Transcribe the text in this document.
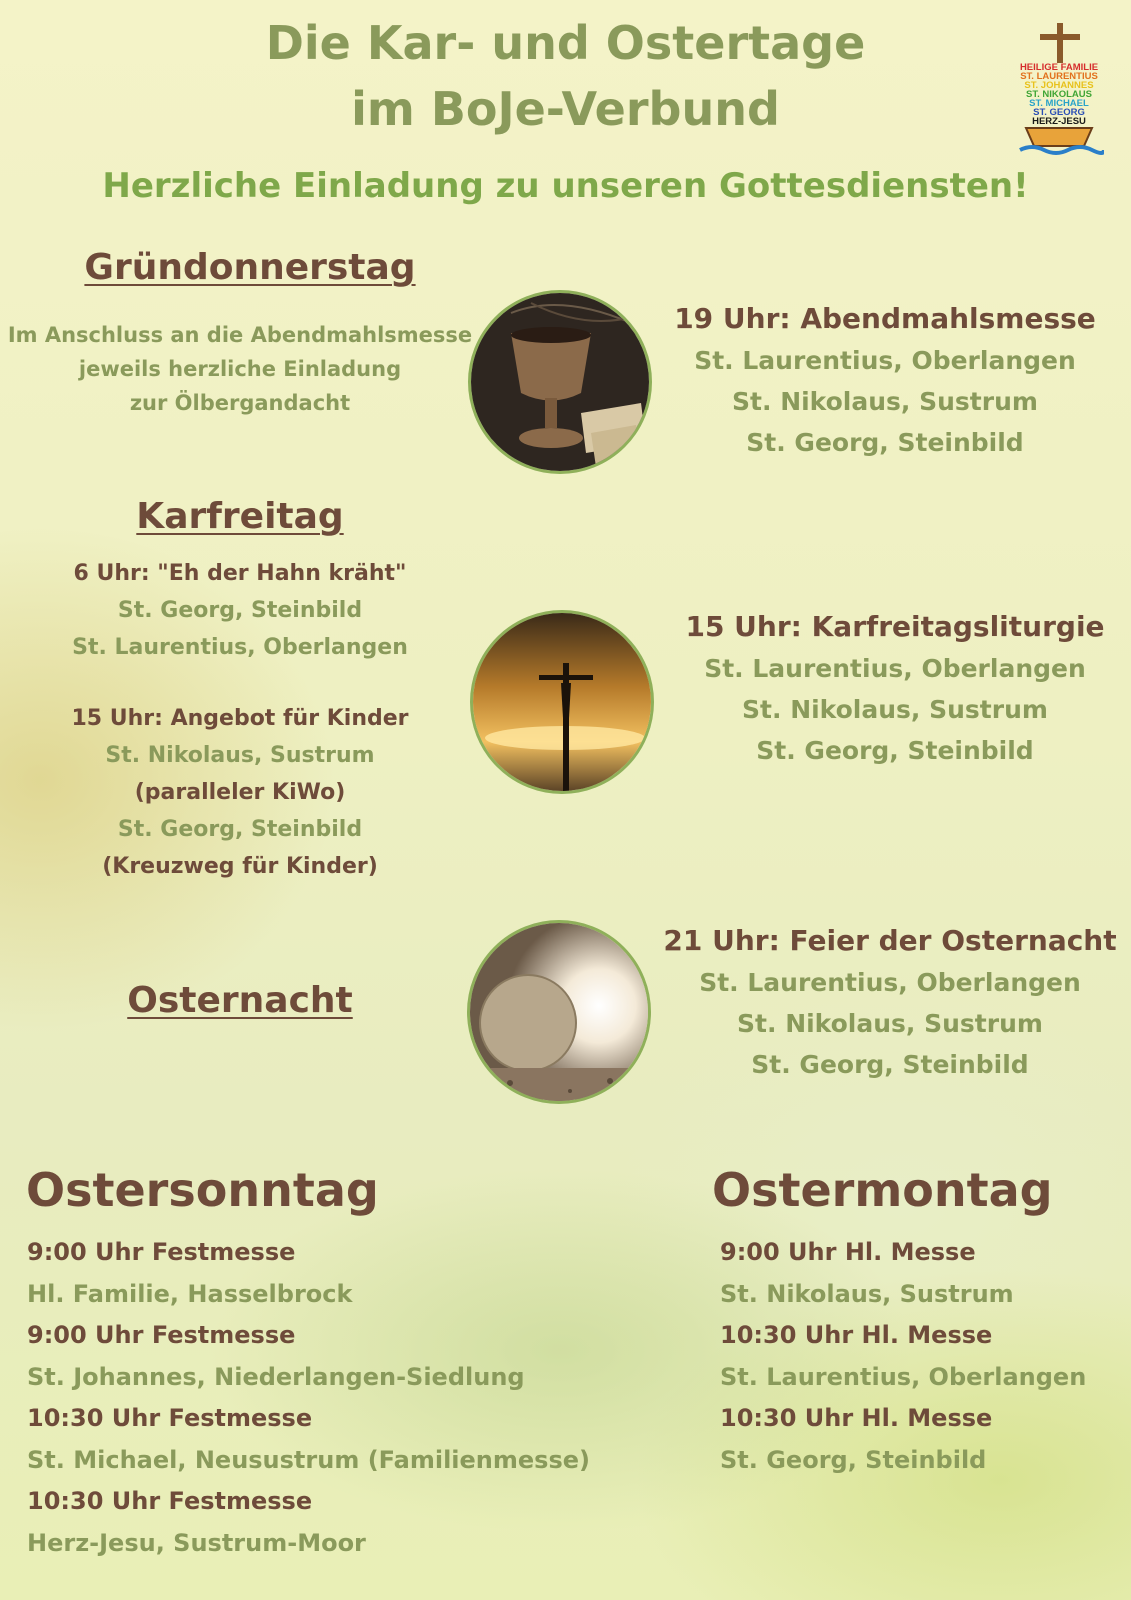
Die Kar- und Ostertage
im BoJe-Verbund
Herzliche Einladung zu unseren Gottesdiensten!
HEILIGE FAMILIE
ST. LAURENTIUS
ST. JOHANNES
ST. NIKOLAUS
ST. MICHAEL
ST. GEORG
HERZ-JESU
Gründonnerstag
Im Anschluss an die Abendmahlsmesse
jeweils herzliche Einladung
zur Ölbergandacht
19 Uhr: Abendmahlsmesse
St. Laurentius, Oberlangen
St. Nikolaus, Sustrum
St. Georg, Steinbild
Karfreitag
6 Uhr: "Eh der Hahn kräht"
St. Georg, Steinbild
St. Laurentius, Oberlangen
15 Uhr: Angebot für Kinder
St. Nikolaus, Sustrum
(paralleler KiWo)
St. Georg, Steinbild
(Kreuzweg für Kinder)
15 Uhr: Karfreitagsliturgie
St. Laurentius, Oberlangen
St. Nikolaus, Sustrum
St. Georg, Steinbild
Osternacht
21 Uhr: Feier der Osternacht
St. Laurentius, Oberlangen
St. Nikolaus, Sustrum
St. Georg, Steinbild
Ostersonntag
9:00 Uhr Festmesse
Hl. Familie, Hasselbrock
9:00 Uhr Festmesse
St. Johannes, Niederlangen-Siedlung
10:30 Uhr Festmesse
St. Michael, Neusustrum (Familienmesse)
10:30 Uhr Festmesse
Herz-Jesu, Sustrum-Moor
Ostermontag
9:00 Uhr Hl. Messe
St. Nikolaus, Sustrum
10:30 Uhr Hl. Messe
St. Laurentius, Oberlangen
10:30 Uhr Hl. Messe
St. Georg, Steinbild
